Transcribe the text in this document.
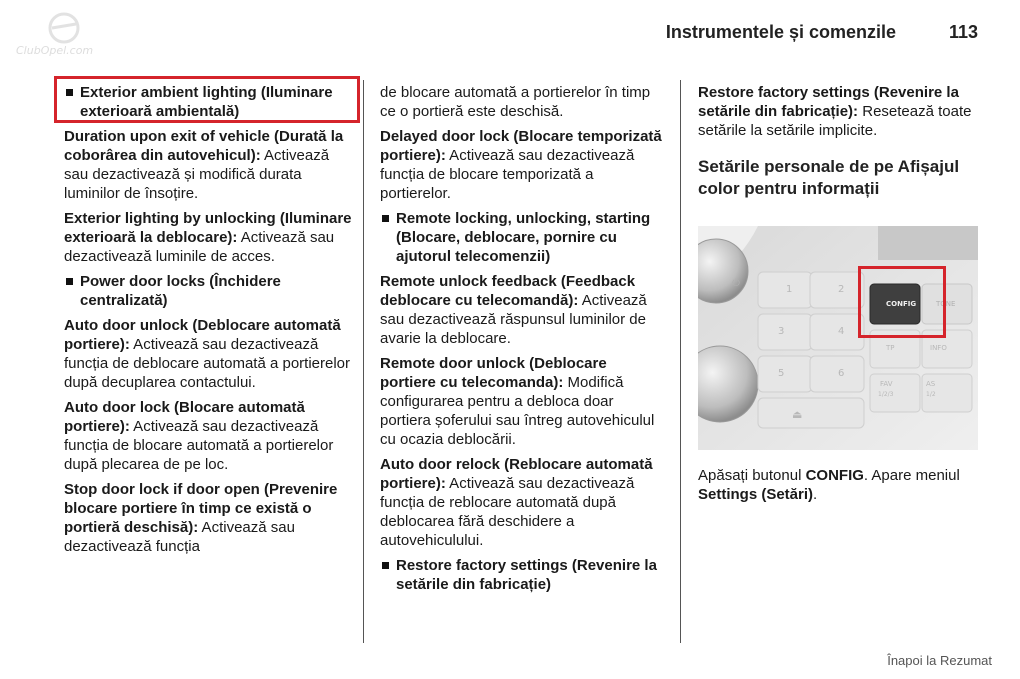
ClubOpel.com
Instrumentele și comenzile	113

Exterior ambient lighting (Iluminare exterioară ambientală)

Duration upon exit of vehicle (Durată la coborârea din autovehicul): Activează sau dezactivează și modifică durata luminilor de însoțire.

Exterior lighting by unlocking (Iluminare exterioară la deblocare): Activează sau dezactivează luminile de acces.

Power door locks (Închidere centralizată)

Auto door unlock (Deblocare automată portiere): Activează sau dezactivează funcția de deblocare automată a portierelor după decuplarea contactului.

Auto door lock (Blocare automată portiere): Activează sau dezactivează funcția de blocare automată a portierelor după plecarea de pe loc.

Stop door lock if door open (Prevenire blocare portiere în timp ce există o portieră deschisă): Activează sau dezactivează funcția

de blocare automată a portierelor în timp ce o portieră este deschisă.

Delayed door lock (Blocare temporizată portiere): Activează sau dezactivează funcția de blocare temporizată a portierelor.

Remote locking, unlocking, starting (Blocare, deblocare, pornire cu ajutorul telecomenzii)

Remote unlock feedback (Feedback deblocare cu telecomandă): Activează sau dezactivează răspunsul luminilor de avarie la deblocare.

Remote door unlock (Deblocare portiere cu telecomanda): Modifică configurarea pentru a debloca doar portiera șoferului sau întreg autovehiculul cu ocazia deblocării.

Auto door relock (Reblocare automată portiere): Activează sau dezactivează funcția de reblocare automată după deblocarea fără deschidere a autovehiculului.

Restore factory settings (Revenire la setările din fabricație)

Restore factory settings (Revenire la setările din fabricație): Resetează toate setările la setările implicite.

Setările personale de pe Afișajul color pentru informații

⏻
1	2
3	4
5	6
⏏
CONFIG	TONE
TP	INFO
FAV
1/2/3
AS
1/2

Apăsați butonul CONFIG. Apare meniul Settings (Setări).

Înapoi la Rezumat
